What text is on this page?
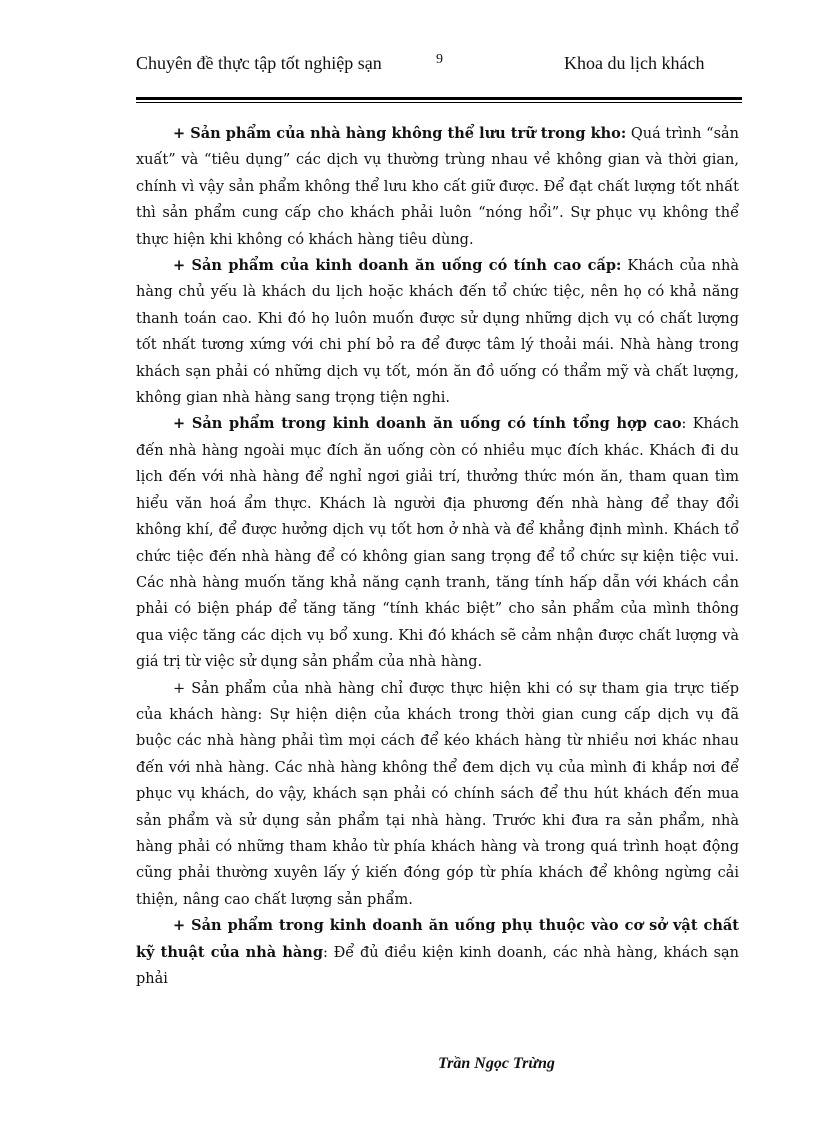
Chuyên đề thực tập tốt nghiệp sạn	9	Khoa du lịch khách

+ Sản phẩm của nhà hàng không thể lưu trữ trong kho: Quá trình “sản xuất” và “tiêu dụng” các dịch vụ thường trùng nhau về không gian và thời gian, chính vì vậy sản phẩm không thể lưu kho cất giữ được. Để đạt chất lượng tốt nhất thì sản phẩm cung cấp cho khách phải luôn “nóng hổi”. Sự phục vụ không thể thực hiện khi không có khách hàng tiêu dùng.

+ Sản phẩm của kinh doanh ăn uống có tính cao cấp: Khách của nhà hàng chủ yếu là khách du lịch hoặc khách đến tổ chức tiệc, nên họ có khả năng thanh toán cao. Khi đó họ luôn muốn được sử dụng những dịch vụ có chất lượng tốt nhất tương xứng với chi phí bỏ ra để được tâm lý thoải mái. Nhà hàng trong khách sạn phải có những dịch vụ tốt, món ăn đồ uống có thẩm mỹ và chất lượng, không gian nhà hàng sang trọng tiện nghi.

+ Sản phẩm trong kinh doanh ăn uống có tính tổng hợp cao: Khách đến nhà hàng ngoài mục đích ăn uống còn có nhiều mục đích khác. Khách đi du lịch đến với nhà hàng để nghỉ ngơi giải trí, thưởng thức món ăn, tham quan tìm hiểu văn hoá ẩm thực. Khách là người địa phương đến nhà hàng để thay đổi không khí, để được hưởng dịch vụ tốt hơn ở nhà và để khẳng định mình. Khách tổ chức tiệc đến nhà hàng để có không gian sang trọng để tổ chức sự kiện tiệc vui. Các nhà hàng muốn tăng khả năng cạnh tranh, tăng tính hấp dẫn với khách cần phải có biện pháp để tăng tăng “tính khác biệt” cho sản phẩm của mình thông qua việc tăng các dịch vụ bổ xung. Khi đó khách sẽ cảm nhận được chất lượng và giá trị từ việc sử dụng sản phẩm của nhà hàng.

+ Sản phẩm của nhà hàng chỉ được thực hiện khi có sự tham gia trực tiếp của khách hàng: Sự hiện diện của khách trong thời gian cung cấp dịch vụ đã buộc các nhà hàng phải tìm mọi cách để kéo khách hàng từ nhiều nơi khác nhau đến với nhà hàng. Các nhà hàng không thể đem dịch vụ của mình đi khắp nơi để phục vụ khách, do vậy, khách sạn phải có chính sách để thu hút khách đến mua sản phẩm và sử dụng sản phẩm tại nhà hàng. Trước khi đưa ra sản phẩm, nhà hàng phải có những tham khảo từ phía khách hàng và trong quá trình hoạt động cũng phải thường xuyên lấy ý kiến đóng góp từ phía khách để không ngừng cải thiện, nâng cao chất lượng sản phẩm.

+ Sản phẩm trong kinh doanh ăn uống phụ thuộc vào cơ sở vật chất kỹ thuật của nhà hàng: Để đủ điều kiện kinh doanh, các nhà hàng, khách sạn phải

Trần Ngọc Trừng
